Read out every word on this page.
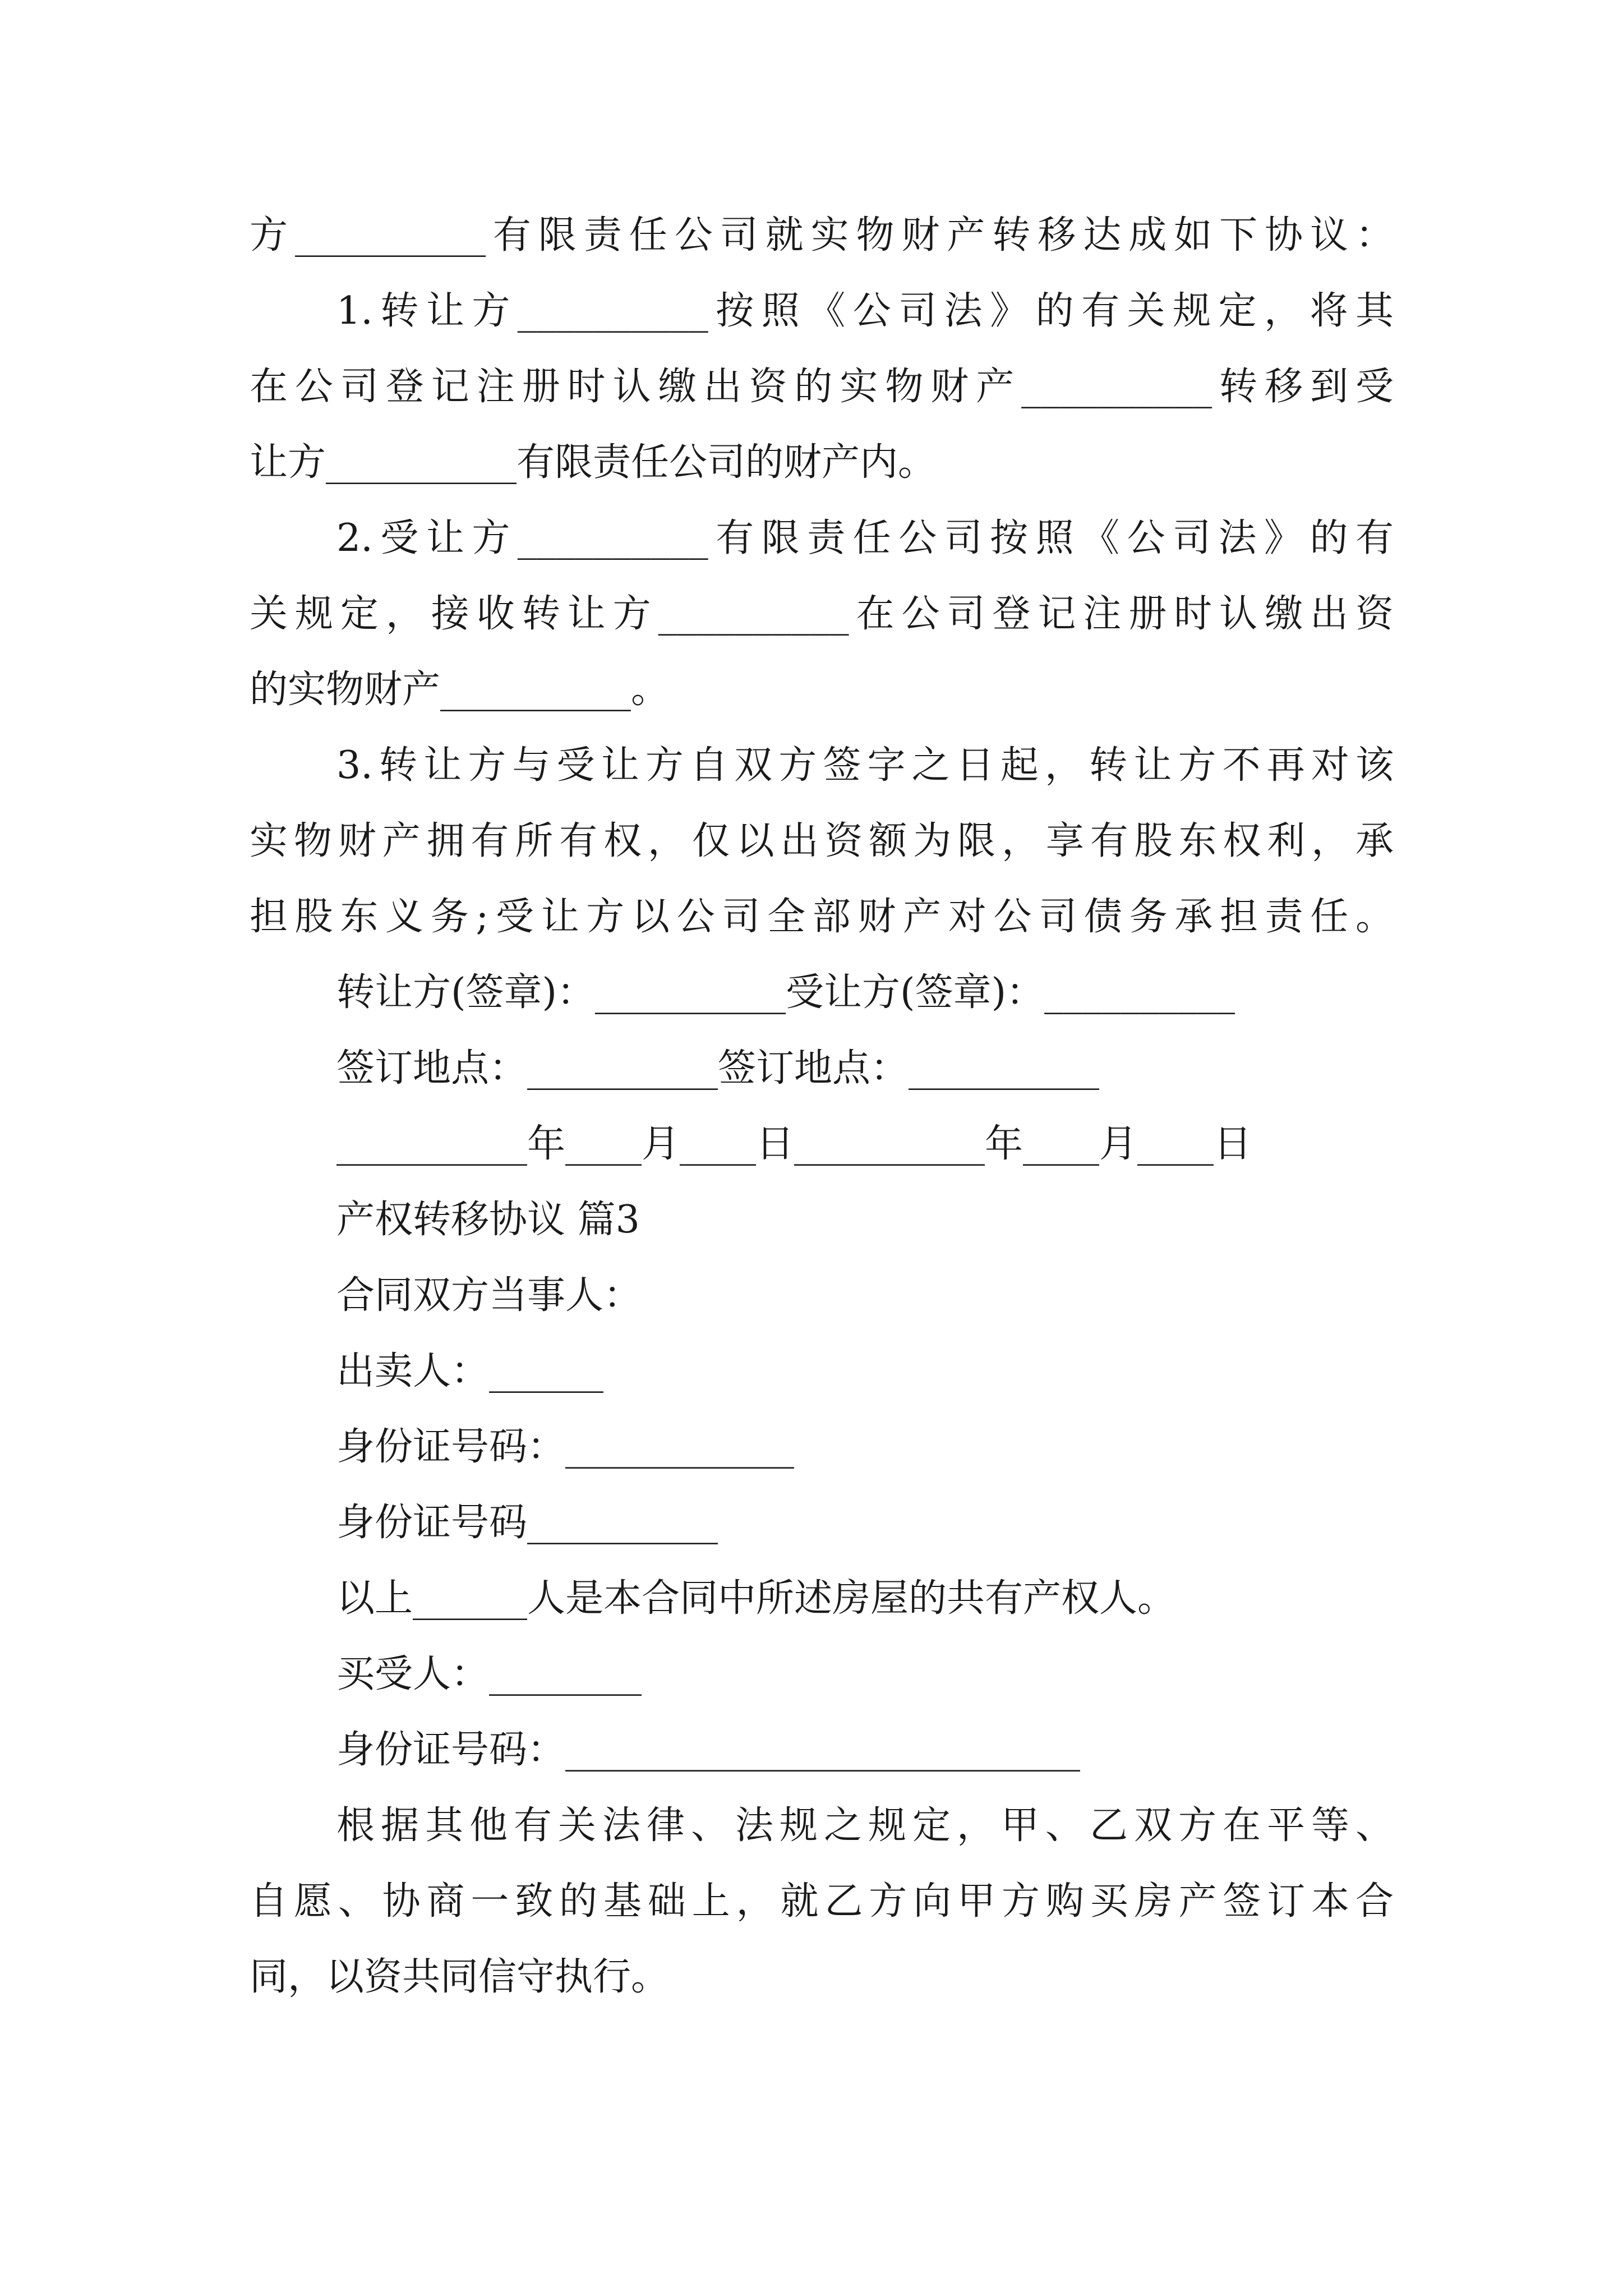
方__________有限责任公司就实物财产转移达成如下协议：
1.转让方__________按照《公司法》的有关规定，将其
在公司登记注册时认缴出资的实物财产__________转移到受
让方__________有限责任公司的财产内。
2.受让方__________有限责任公司按照《公司法》的有
关规定，接收转让方__________在公司登记注册时认缴出资
的实物财产__________。
3.转让方与受让方自双方签字之日起，转让方不再对该
实物财产拥有所有权，仅以出资额为限，享有股东权利，承
担股东义务;受让方以公司全部财产对公司债务承担责任。
转让方(签章)：__________受让方(签章)：__________
签订地点：__________签订地点：__________
__________年____月____日__________年____月____日
产权转移协议 篇3
合同双方当事人：
出卖人：______
身份证号码：____________
身份证号码__________
以上______人是本合同中所述房屋的共有产权人。
买受人：________
身份证号码：___________________________
根据其他有关法律、法规之规定，甲、乙双方在平等、
自愿、协商一致的基础上，就乙方向甲方购买房产签订本合
同，以资共同信守执行。
